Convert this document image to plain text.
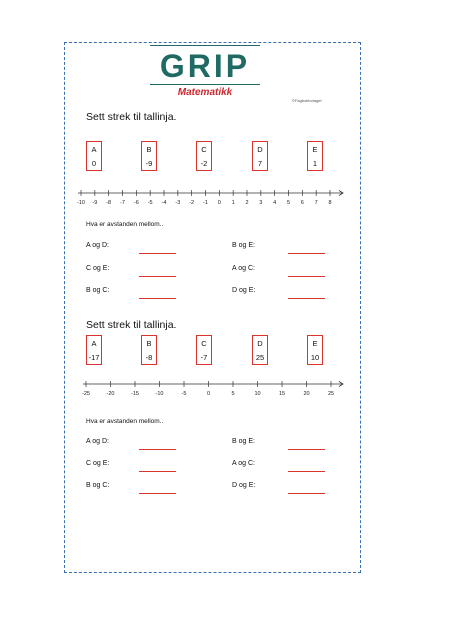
GRIP
Matematikk
©Fagbokforlaget
Sett strek til tallinja.
A
0
B
-9
C
-2
D
7
E
1
-10 -9 -8 -7 -6 -5 -4 -3 -2 -1 0 1 2 3 4 5 6 7 8
Hva er avstanden mellom..
A og D:	B og E:
C og E:	A og C:
B og C:	D og E:
Sett strek til tallinja.
A
-17
B
-8
C
-7
D
25
E
10
-25	-20	-15	-10	-5	0	5	10	15	20	25
Hva er avstanden mellom..
A og D:	B og E:
C og E:	A og C:
B og C:	D og E:
